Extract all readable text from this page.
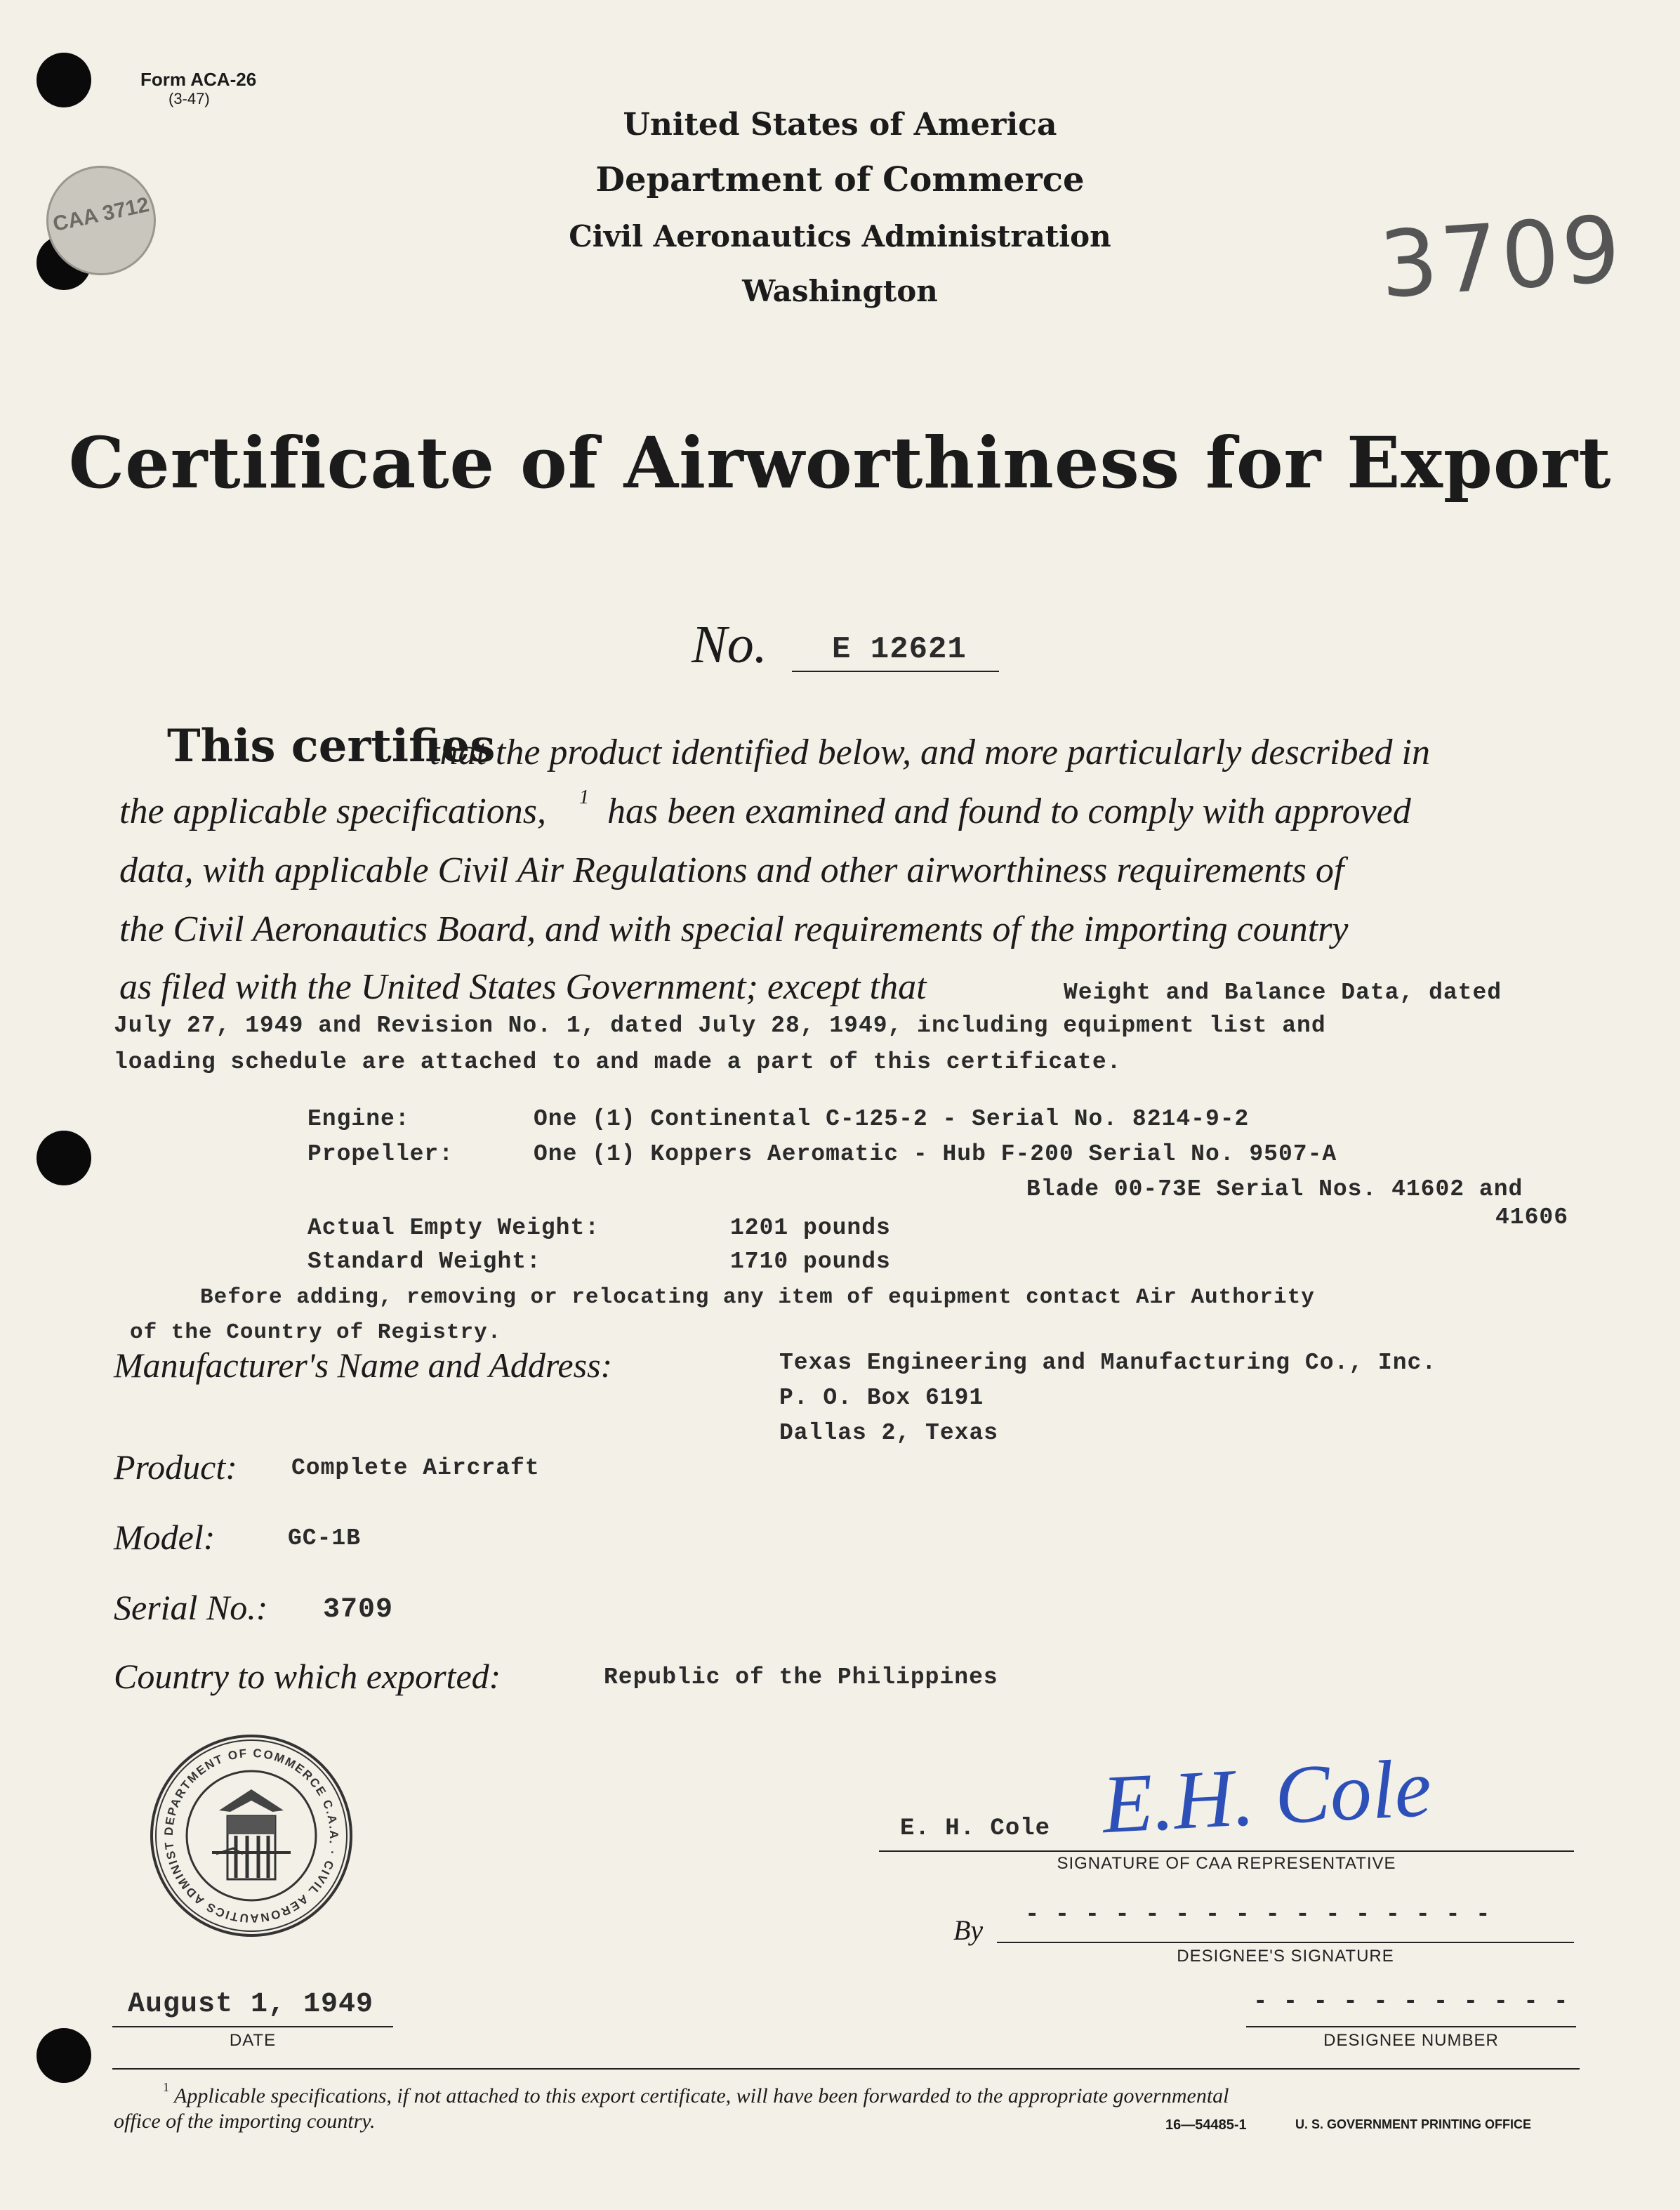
Form ACA-26
(3-47)
CAA 3712	3709
United States of America
Department of Commerce
Civil Aeronautics Administration
Washington
Certificate of Airworthiness for Export
No. E 12621
This certifies
that the product identified below, and more particularly described in
the applicable specifications, 1 has been examined and found to comply with approved
data, with applicable Civil Air Regulations and other airworthiness requirements of
the Civil Aeronautics Board, and with special requirements of the importing country
as filed with the United States Government; except that	Weight and Balance Data, dated
July 27, 1949 and Revision No. 1, dated July 28, 1949, including equipment list and
loading schedule are attached to and made a part of this certificate.
Engine:	One (1) Continental C-125-2 - Serial No. 8214-9-2
Propeller:	One (1) Koppers Aeromatic - Hub F-200 Serial No. 9507-A
Blade 00-73E Serial Nos. 41602 and
41606
Actual Empty Weight:	1201 pounds
Standard Weight:	1710 pounds
Before adding, removing or relocating any item of equipment contact Air Authority
of the Country of Registry.
Manufacturer's Name and Address:	Texas Engineering and Manufacturing Co., Inc.
P. O. Box 6191
Dallas 2, Texas
Product: Complete Aircraft
Model:	GC-1B
Serial No.: 3709
Country to which exported:	Republic of the Philippines
DEPARTMENT OF COMMERCE C.A.A. · CIVIL AERONAUTICS ADMINIST
E. H. Cole E.H. Cole
SIGNATURE OF CAA REPRESENTATIVE
By - - - - - - - - - - - - - - - -
DESIGNEE'S SIGNATURE
August 1, 1949
DATE
- - - - - - - - - - -
DESIGNEE NUMBER
1 Applicable specifications, if not attached to this export certificate, will have been forwarded to the appropriate governmental
office of the importing country.	16—54485-1	U. S. GOVERNMENT PRINTING OFFICE
